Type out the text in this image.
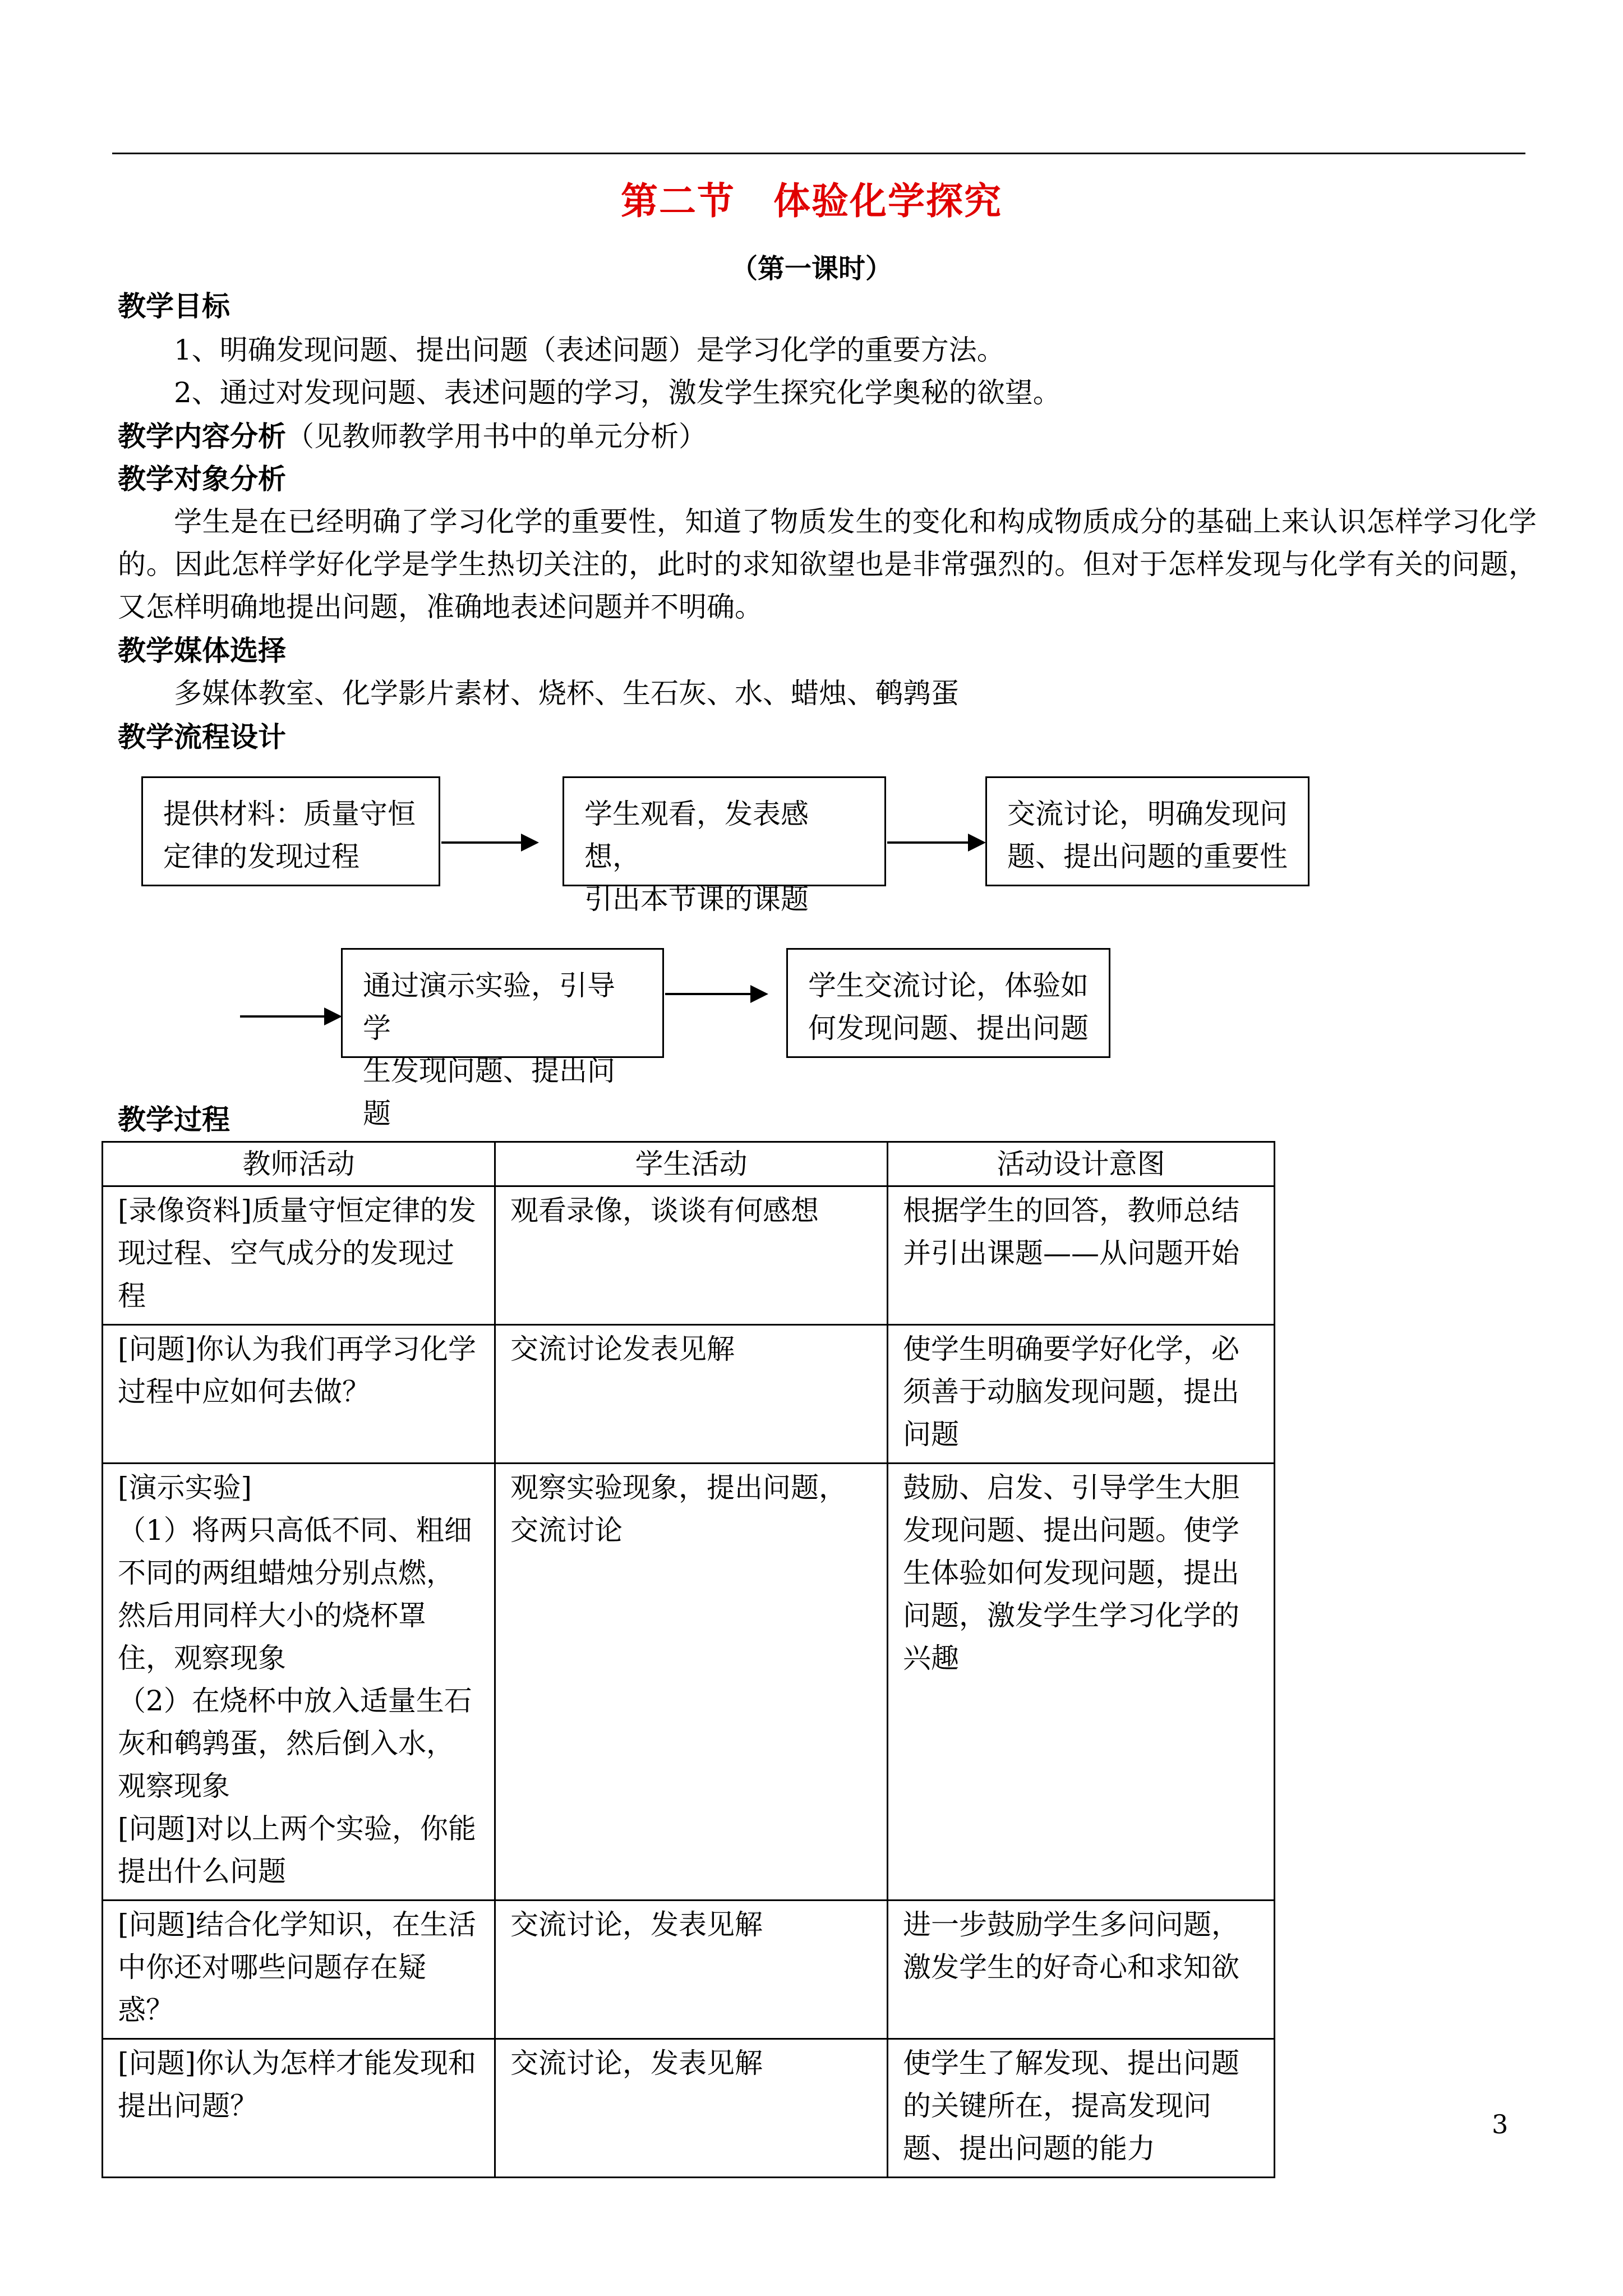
第二节　体验化学探究
（第一课时）
教学目标
1、明确发现问题、提出问题（表述问题）是学习化学的重要方法。
2、通过对发现问题、表述问题的学习，激发学生探究化学奥秘的欲望。
教学内容分析（见教师教学用书中的单元分析）
教学对象分析
学生是在已经明确了学习化学的重要性，知道了物质发生的变化和构成物质成分的基础上来认识怎样学习化学的。因此怎样学好化学是学生热切关注的，此时的求知欲望也是非常强烈的。但对于怎样发现与化学有关的问题，又怎样明确地提出问题，准确地表述问题并不明确。
教学媒体选择
多媒体教室、化学影片素材、烧杯、生石灰、水、蜡烛、鹌鹑蛋
教学流程设计
提供材料：质量守恒
定律的发现过程
学生观看，发表感想，
引出本节课的课题
交流讨论，明确发现问
题、提出问题的重要性
通过演示实验，引导学
生发现问题、提出问题
学生交流讨论，体验如
何发现问题、提出问题
教学过程
教师活动	学生活动	活动设计意图

[录像资料]质量守恒定律的发现过程、空气成分的发现过程	观看录像，谈谈有何感想	根据学生的回答，教师总结并引出课题——从问题开始

[问题]你认为我们再学习化学过程中应如何去做？	交流讨论发表见解	使学生明确要学好化学，必须善于动脑发现问题，提出问题

[演示实验]
（1）将两只高低不同、粗细不同的两组蜡烛分别点燃，然后用同样大小的烧杯罩住，观察现象
（2）在烧杯中放入适量生石灰和鹌鹑蛋，然后倒入水，观察现象
[问题]对以上两个实验，你能提出什么问题	观察实验现象，提出问题，交流讨论	鼓励、启发、引导学生大胆发现问题、提出问题。使学生体验如何发现问题，提出问题，激发学生学习化学的兴趣

[问题]结合化学知识，在生活中你还对哪些问题存在疑惑？	交流讨论，发表见解	进一步鼓励学生多问问题，激发学生的好奇心和求知欲

[问题]你认为怎样才能发现和提出问题？	交流讨论，发表见解	使学生了解发现、提出问题的关键所在，提高发现问题、提出问题的能力
3
